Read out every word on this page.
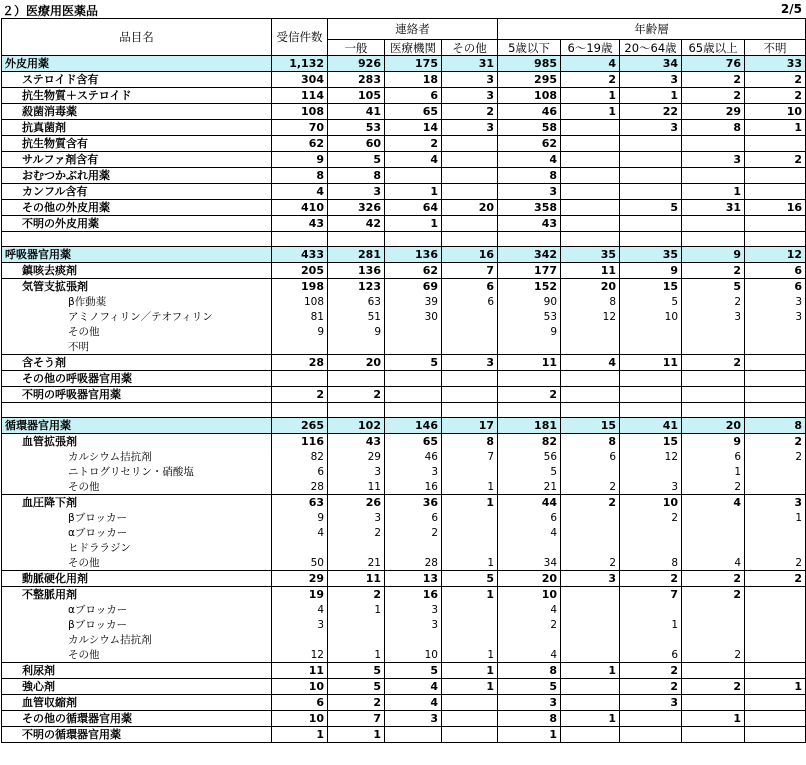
２）医療用医薬品	2/5
品目名	受信件数	連絡者			年齢層				
		一般	医療機関	その他	5歳以下	6～19歳	20～64歳	65歳以上	不明
外皮用薬	1,132	926	175	31	985	4	34	76	33
ステロイド含有	304	283	18	3	295	2	3	2	2
抗生物質＋ステロイド	114	105	6	3	108	1	1	2	2
殺菌消毒薬	108	41	65	2	46	1	22	29	10
抗真菌剤	70	53	14	3	58		3	8	1
抗生物質含有	62	60	2		62				
サルファ剤含有	9	5	4		4			3	2
おむつかぶれ用薬	8	8			8				
カンフル含有	4	3	1		3			1	
その他の外皮用薬	410	326	64	20	358		5	31	16
不明の外皮用薬	43	42	1		43				

呼吸器官用薬	433	281	136	16	342	35	35	9	12
鎮咳去痰剤	205	136	62	7	177	11	9	2	6
気管支拡張剤	198	123	69	6	152	20	15	5	6
β作動薬	108	63	39	6	90	8	5	2	3
アミノフィリン／テオフィリン	81	51	30		53	12	10	3	3
その他	9	9			9				
不明									
含そう剤	28	20	5	3	11	4	11	2	
その他の呼吸器官用薬									
不明の呼吸器官用薬	2	2			2				

循環器官用薬	265	102	146	17	181	15	41	20	8
血管拡張剤	116	43	65	8	82	8	15	9	2
カルシウム拮抗剤	82	29	46	7	56	6	12	6	2
ニトログリセリン・硝酸塩	6	3	3		5			1	
その他	28	11	16	1	21	2	3	2	
血圧降下剤	63	26	36	1	44	2	10	4	3
βブロッカー	9	3	6		6		2		1
αブロッカー	4	2	2		4				
ヒドララジン									
その他	50	21	28	1	34	2	8	4	2
動脈硬化用剤	29	11	13	5	20	3	2	2	2
不整脈用剤	19	2	16	1	10		7	2	
αブロッカー	4	1	3		4				
βブロッカー	3		3		2		1		
カルシウム拮抗剤									
その他	12	1	10	1	4		6	2	
利尿剤	11	5	5	1	8	1	2		
強心剤	10	5	4	1	5		2	2	1
血管収縮剤	6	2	4		3		3		
その他の循環器官用薬	10	7	3		8	1		1	
不明の循環器官用薬	1	1			1				
